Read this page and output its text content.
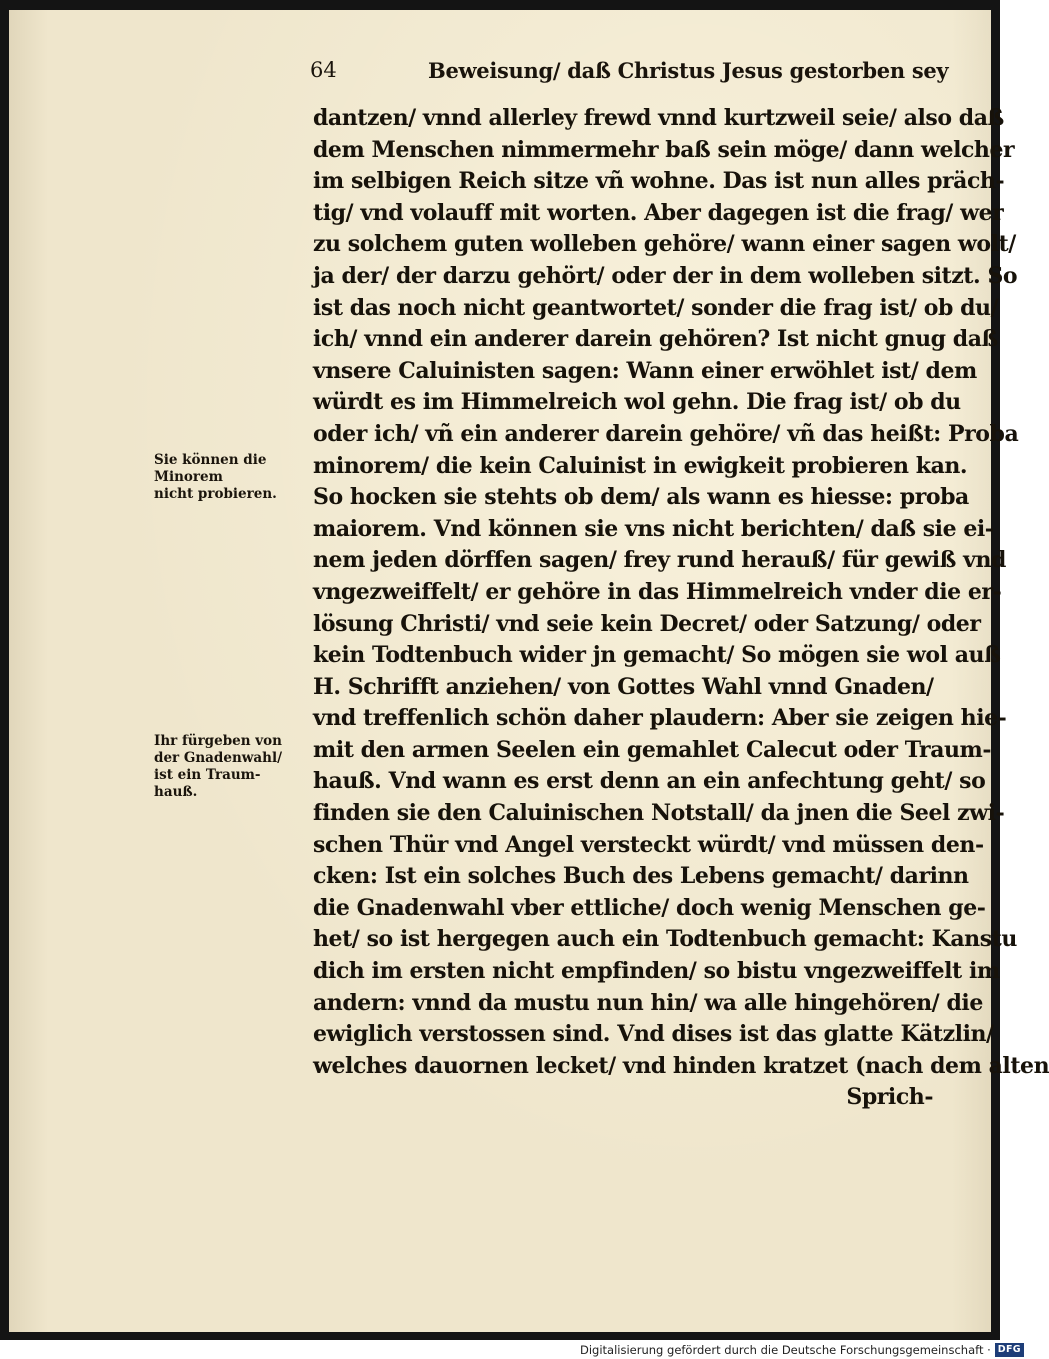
64	Beweisung/ daß Christus Jesus gestorben sey
dantzen/ vnnd allerley frewd vnnd kurtzweil seie/ also daß
dem Menschen nimmermehr baß sein möge/ dann welcher
im selbigen Reich sitze vñ wohne. Das ist nun alles präch-
tig/ vnd volauff mit worten. Aber dagegen ist die frag/ wer
zu solchem guten wolleben gehöre/ wann einer sagen wolt/
ja der/ der darzu gehört/ oder der in dem wolleben sitzt. So
ist das noch nicht geantwortet/ sonder die frag ist/ ob du/
ich/ vnnd ein anderer darein gehören? Ist nicht gnug daß
vnsere Caluinisten sagen: Wann einer erwöhlet ist/ dem
würdt es im Himmelreich wol gehn. Die frag ist/ ob du
oder ich/ vñ ein anderer darein gehöre/ vñ das heißt: Proba
minorem/ die kein Caluinist in ewigkeit probieren kan.
So hocken sie stehts ob dem/ als wann es hiesse: proba
maiorem. Vnd können sie vns nicht berichten/ daß sie ei-
nem jeden dörffen sagen/ frey rund herauß/ für gewiß vnd
vngezweiffelt/ er gehöre in das Himmelreich vnder die er-
lösung Christi/ vnd seie kein Decret/ oder Satzung/ oder
kein Todtenbuch wider jn gemacht/ So mögen sie wol auß
H. Schrifft anziehen/ von Gottes Wahl vnnd Gnaden/
vnd treffenlich schön daher plaudern: Aber sie zeigen hie-
mit den armen Seelen ein gemahlet Calecut oder Traum-
hauß. Vnd wann es erst denn an ein anfechtung geht/ so
finden sie den Caluinischen Notstall/ da jnen die Seel zwi-
schen Thür vnd Angel versteckt würdt/ vnd müssen den-
cken: Ist ein solches Buch des Lebens gemacht/ darinn
die Gnadenwahl vber ettliche/ doch wenig Menschen ge-
het/ so ist hergegen auch ein Todtenbuch gemacht: Kanstu
dich im ersten nicht empfinden/ so bistu vngezweiffelt im
andern: vnnd da mustu nun hin/ wa alle hingehören/ die
ewiglich verstossen sind. Vnd dises ist das glatte Kätzlin/
welches dauornen lecket/ vnd hinden kratzet (nach dem alten
Sprich-
Sie können die
Minorem
nicht probieren.
Ihr fürgeben von
der Gnadenwahl/
ist ein Traum-
hauß.
Digitalisierung gefördert durch die Deutsche Forschungsgemeinschaft · DFG
